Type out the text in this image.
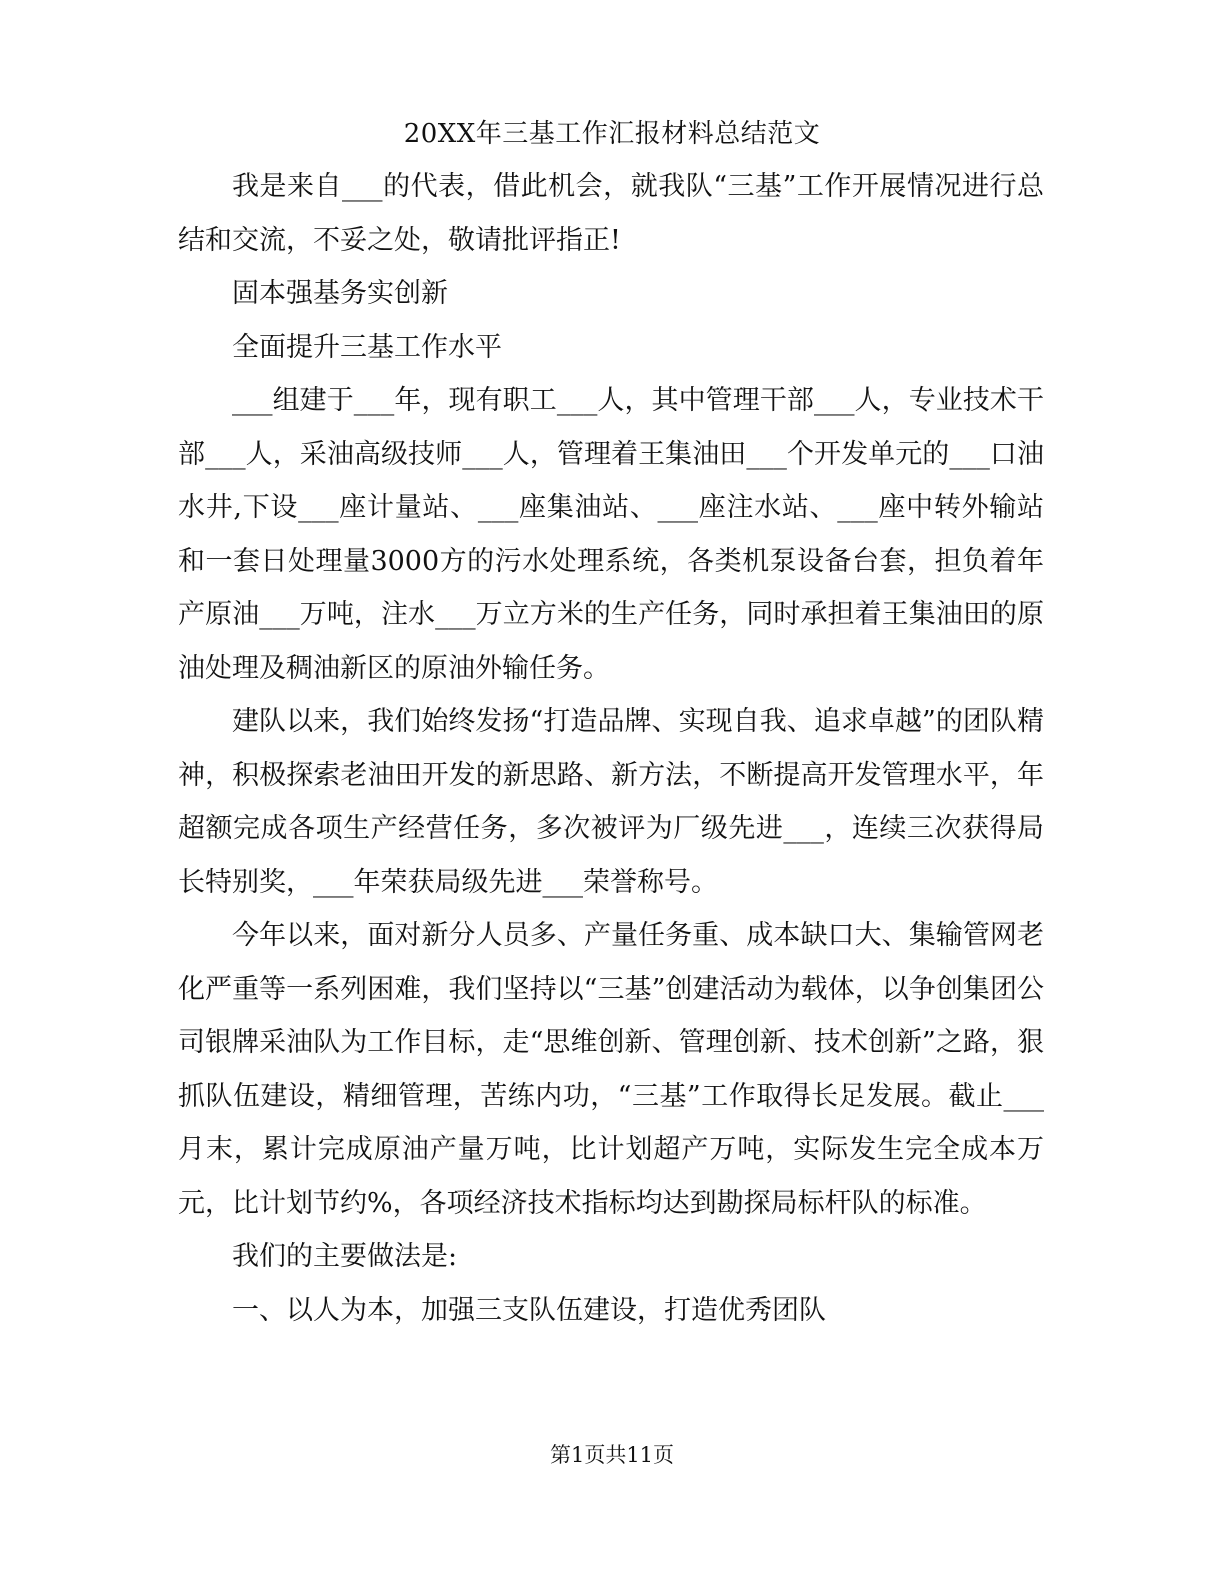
20XX年三基工作汇报材料总结范文

我是来自___的代表，借此机会，就我队“三基”工作开展情况进行总结和交流，不妥之处，敬请批评指正!

固本强基务实创新

全面提升三基工作水平

___组建于___年，现有职工___人，其中管理干部___人，专业技术干部___人，采油高级技师___人，管理着王集油田___个开发单元的___口油水井,下设___座计量站、___座集油站、___座注水站、___座中转外输站和一套日处理量3000方的污水处理系统，各类机泵设备台套，担负着年产原油___万吨，注水___万立方米的生产任务，同时承担着王集油田的原油处理及稠油新区的原油外输任务。

建队以来，我们始终发扬“打造品牌、实现自我、追求卓越”的团队精神，积极探索老油田开发的新思路、新方法，不断提高开发管理水平，年超额完成各项生产经营任务，多次被评为厂级先进___，连续三次获得局长特别奖，___年荣获局级先进___荣誉称号。

今年以来，面对新分人员多、产量任务重、成本缺口大、集输管网老化严重等一系列困难，我们坚持以“三基”创建活动为载体，以争创集团公司银牌采油队为工作目标，走“思维创新、管理创新、技术创新”之路，狠抓队伍建设，精细管理，苦练内功，“三基”工作取得长足发展。截止___月末，累计完成原油产量万吨，比计划超产万吨，实际发生完全成本万元，比计划节约%，各项经济技术指标均达到勘探局标杆队的标准。

我们的主要做法是:

一、以人为本，加强三支队伍建设，打造优秀团队

第1页共11页
